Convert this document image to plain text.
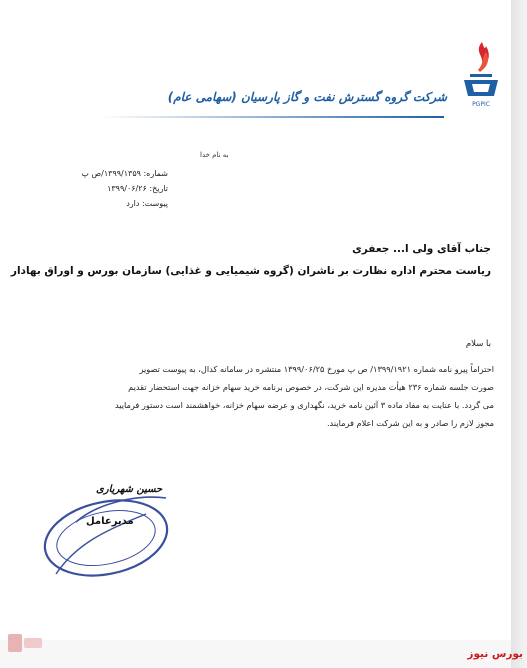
PGPIC
شرکت گروه گسترش نفت و گاز پارسیان (سهامی عام)
به نام خدا
شماره: ۱۳۹۹/۱۳۵۹/ص پ
تاریخ: ۱۳۹۹/۰۶/۲۶
پیوست: دارد
جناب آقای ولی ا... جعفری
ریاست محترم اداره نظارت بر ناشران (گروه شیمیایی و غذایی) سازمان بورس و اوراق بهادار
با سلام
احتراماً پیرو نامه شماره ۱۳۹۹/۱۹۲۱/ ص پ مورخ ۱۳۹۹/۰۶/۲۵ منتشره در سامانه کدال، به پیوست تصویر
صورت جلسه شماره ۲۳۶ هیأت مدیره این شرکت، در خصوص برنامه خرید سهام خزانه جهت استحضار تقدیم
می گردد. با عنایت به مفاد ماده ۳ آئین نامه خرید، نگهداری و عرضه سهام خزانه، خواهشمند است دستور فرمایید
مجوز لازم را صادر و به این شرکت اعلام فرمایند.
حسین شهریاری
مدیرعامل
بورس نیوز
